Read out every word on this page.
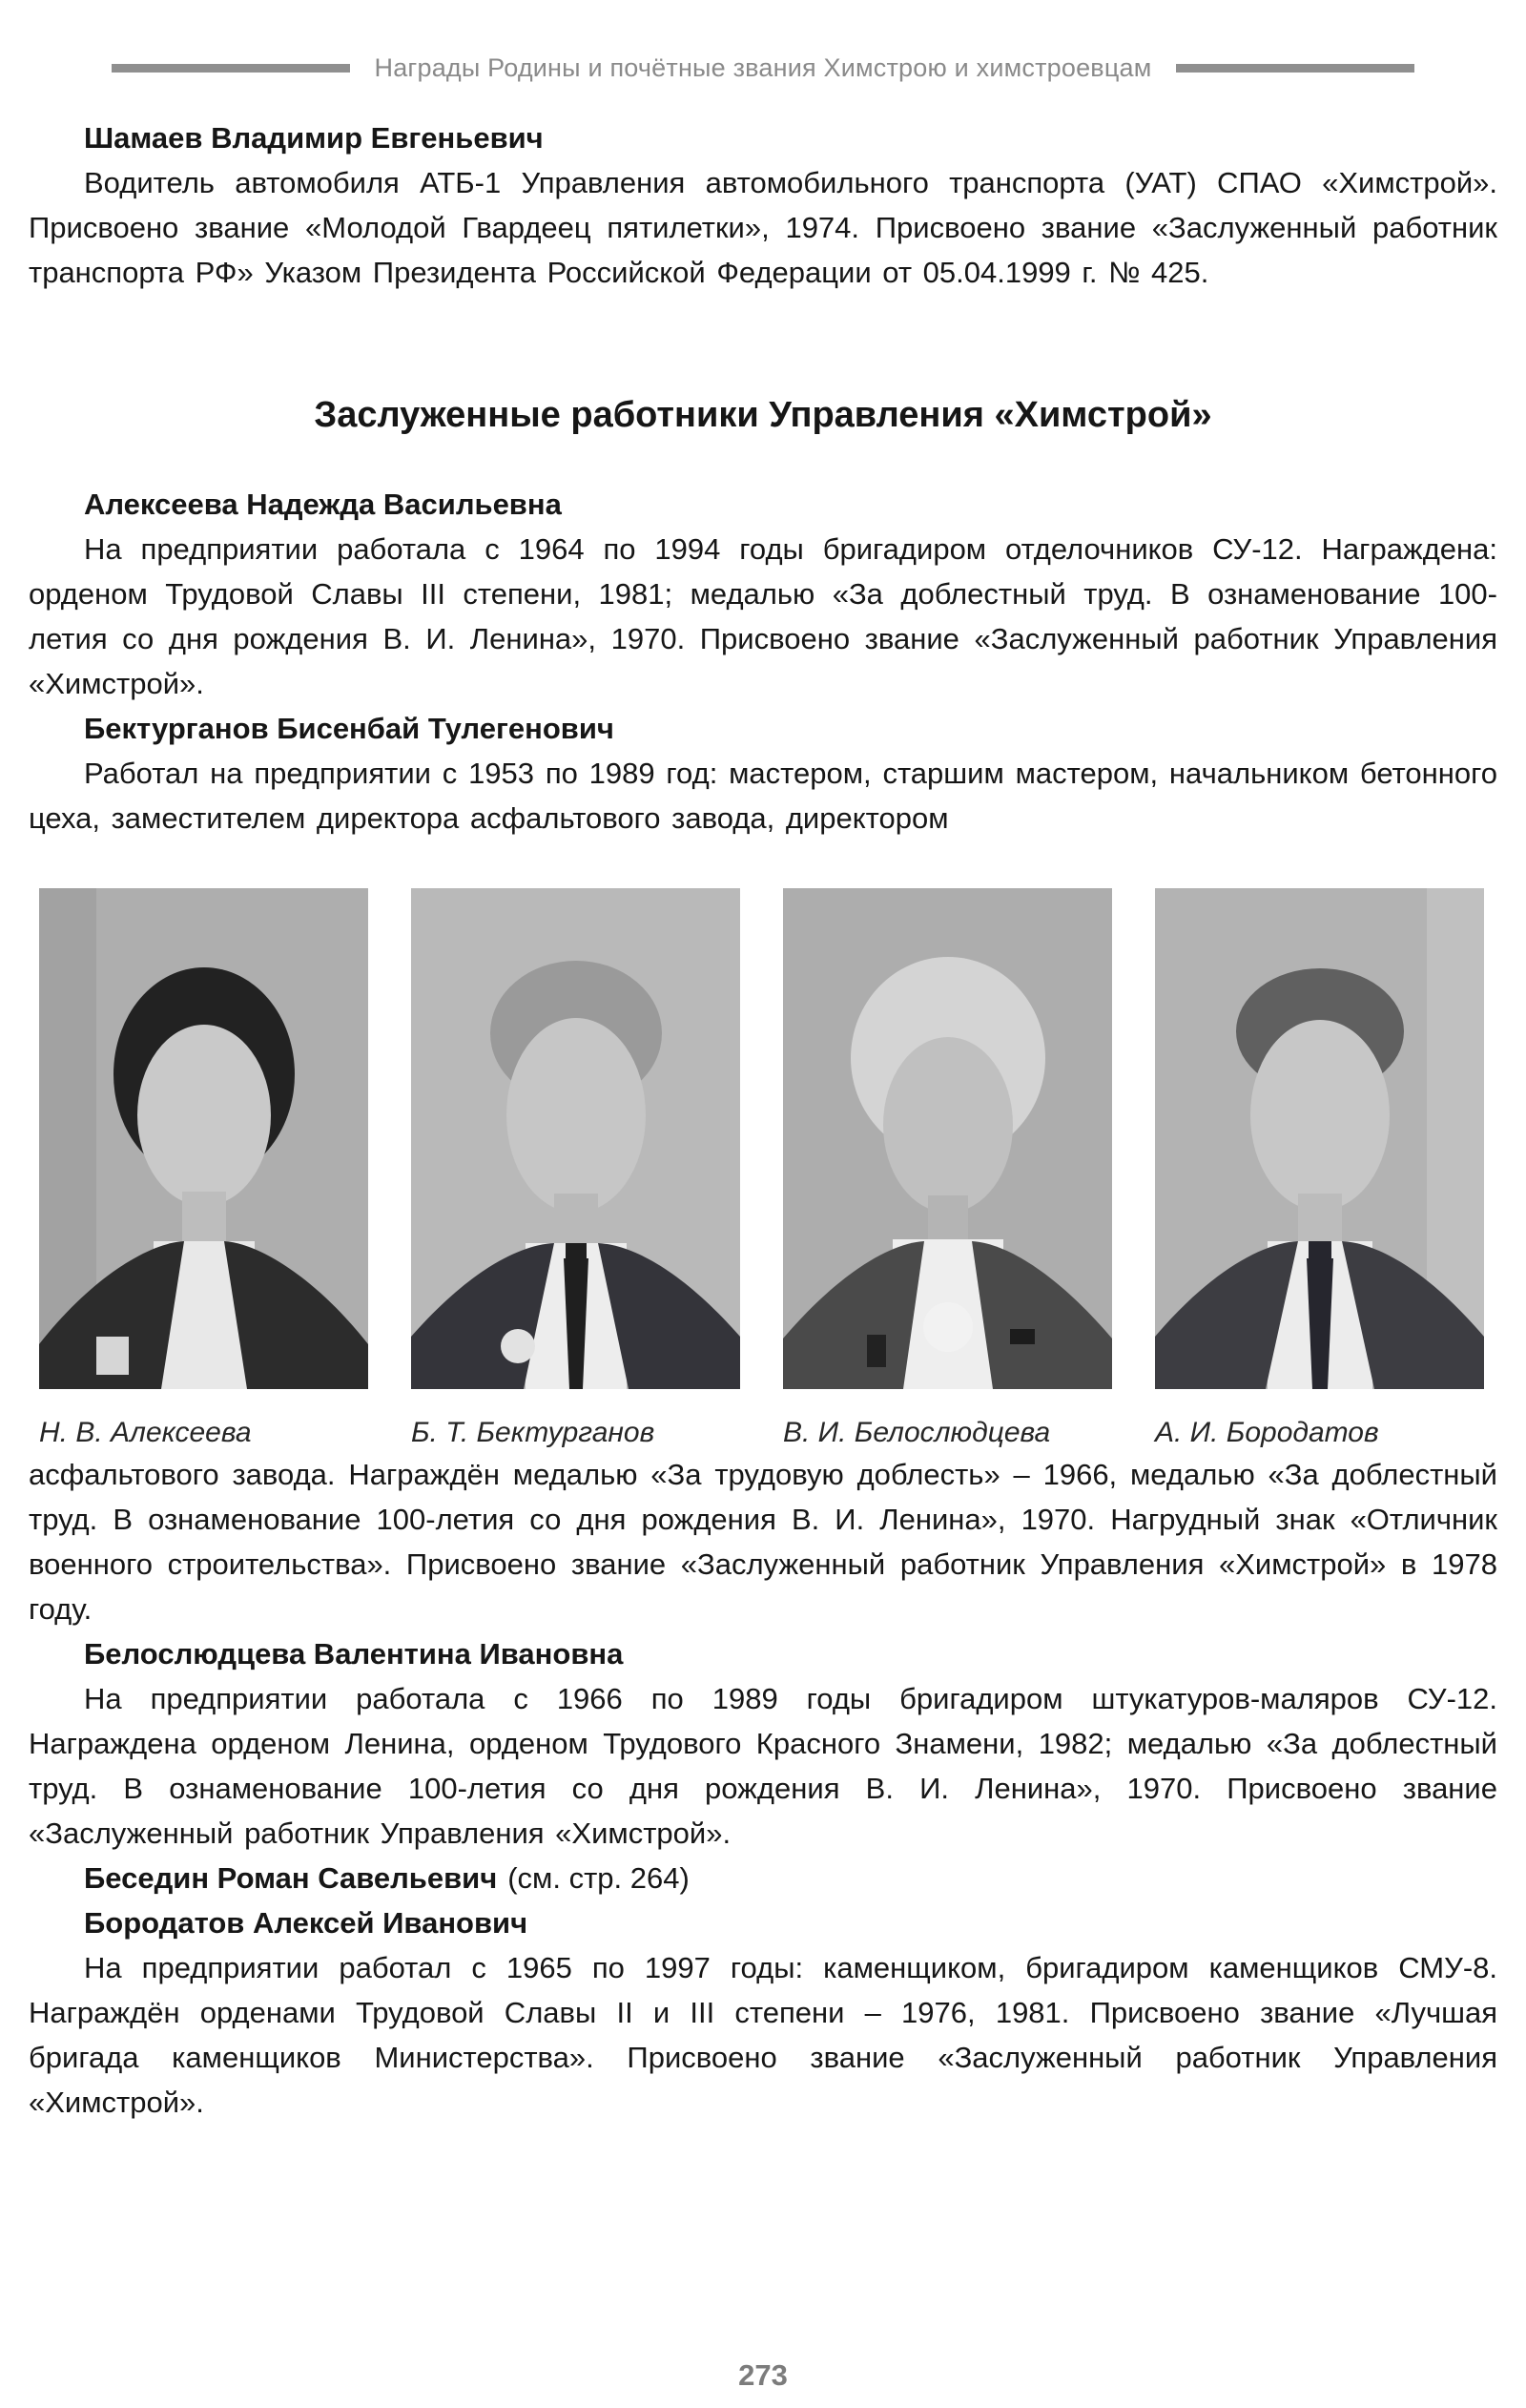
Награды Родины и почётные звания Химстрою и химстроевцам

Шамаев Владимир Евгеньевич

Водитель автомобиля АТБ-1 Управления автомобильного транспорта (УАТ) СПАО «Химстрой». Присвоено звание «Молодой Гвардеец пятилетки», 1974. Присвоено звание «Заслуженный работник транспорта РФ» Указом Президента Российской Федерации от 05.04.1999 г. № 425.

Заслуженные работники Управления «Химстрой»

Алексеева Надежда Васильевна

На предприятии работала с 1964 по 1994 годы бригадиром отделочников СУ-12. Награждена: орденом Трудовой Славы III степени, 1981; медалью «За доблестный труд. В ознаменование 100-летия со дня рождения В. И. Ленина», 1970. Присвоено звание «Заслуженный работник Управления «Химстрой».

Бектурганов Бисенбай Тулегенович

Работал на предприятии с 1953 по 1989 год: мастером, старшим мастером, начальником бетонного цеха, заместителем директора асфальтового завода, директором

Н. В. Алексеева	Б. Т. Бектурганов	В. И. Белослюдцева	А. И. Бородатов

асфальтового завода. Награждён медалью «За трудовую доблесть» – 1966, медалью «За доблестный труд. В ознаменование 100-летия со дня рождения В. И. Ленина», 1970. Нагрудный знак «Отличник военного строительства». Присвоено звание «Заслуженный работник Управления «Химстрой» в 1978 году.

Белослюдцева Валентина Ивановна

На предприятии работала с 1966 по 1989 годы бригадиром штукатуров-маляров СУ-12. Награждена орденом Ленина, орденом Трудового Красного Знамени, 1982; медалью «За доблестный труд. В ознаменование 100-летия со дня рождения В. И. Ленина», 1970. Присвоено звание «Заслуженный работник Управления «Химстрой».

Беседин Роман Савельевич (см. стр. 264)

Бородатов Алексей Иванович

На предприятии работал с 1965 по 1997 годы: каменщиком, бригадиром каменщиков СМУ-8. Награждён орденами Трудовой Славы II и III степени – 1976, 1981. Присвоено звание «Лучшая бригада каменщиков Министерства». Присвоено звание «Заслуженный работник Управления «Химстрой».

273
